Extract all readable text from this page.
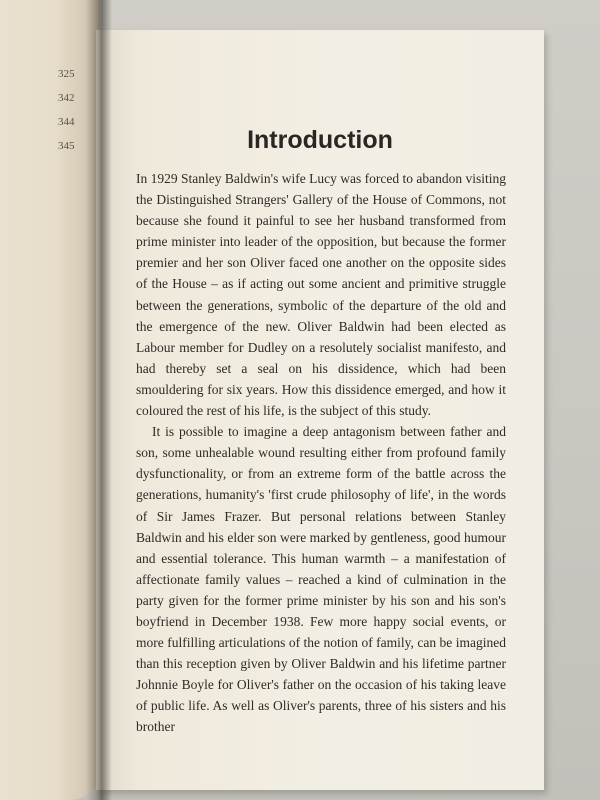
325
342
344
345	Introduction

In 1929 Stanley Baldwin's wife Lucy was forced to abandon visiting the Distinguished Strangers' Gallery of the House of Commons, not because she found it painful to see her husband transformed from prime minister into leader of the opposition, but because the former premier and her son Oliver faced one another on the opposite sides of the House – as if acting out some ancient and primitive struggle between the generations, symbolic of the departure of the old and the emergence of the new. Oliver Baldwin had been elected as Labour member for Dudley on a resolutely socialist manifesto, and had thereby set a seal on his dissidence, which had been smouldering for six years. How this dissidence emerged, and how it coloured the rest of his life, is the subject of this study.

It is possible to imagine a deep antagonism between father and son, some unhealable wound resulting either from profound family dysfunctionality, or from an extreme form of the battle across the generations, humanity's 'first crude philosophy of life', in the words of Sir James Frazer. But personal relations between Stanley Baldwin and his elder son were marked by gentleness, good humour and essential tolerance. This human warmth – a manifestation of affectionate family values – reached a kind of culmination in the party given for the former prime minister by his son and his son's boyfriend in December 1938. Few more happy social events, or more fulfilling articulations of the notion of family, can be imagined than this reception given by Oliver Baldwin and his lifetime partner Johnnie Boyle for Oliver's father on the occasion of his taking leave of public life. As well as Oliver's parents, three of his sisters and his brother
